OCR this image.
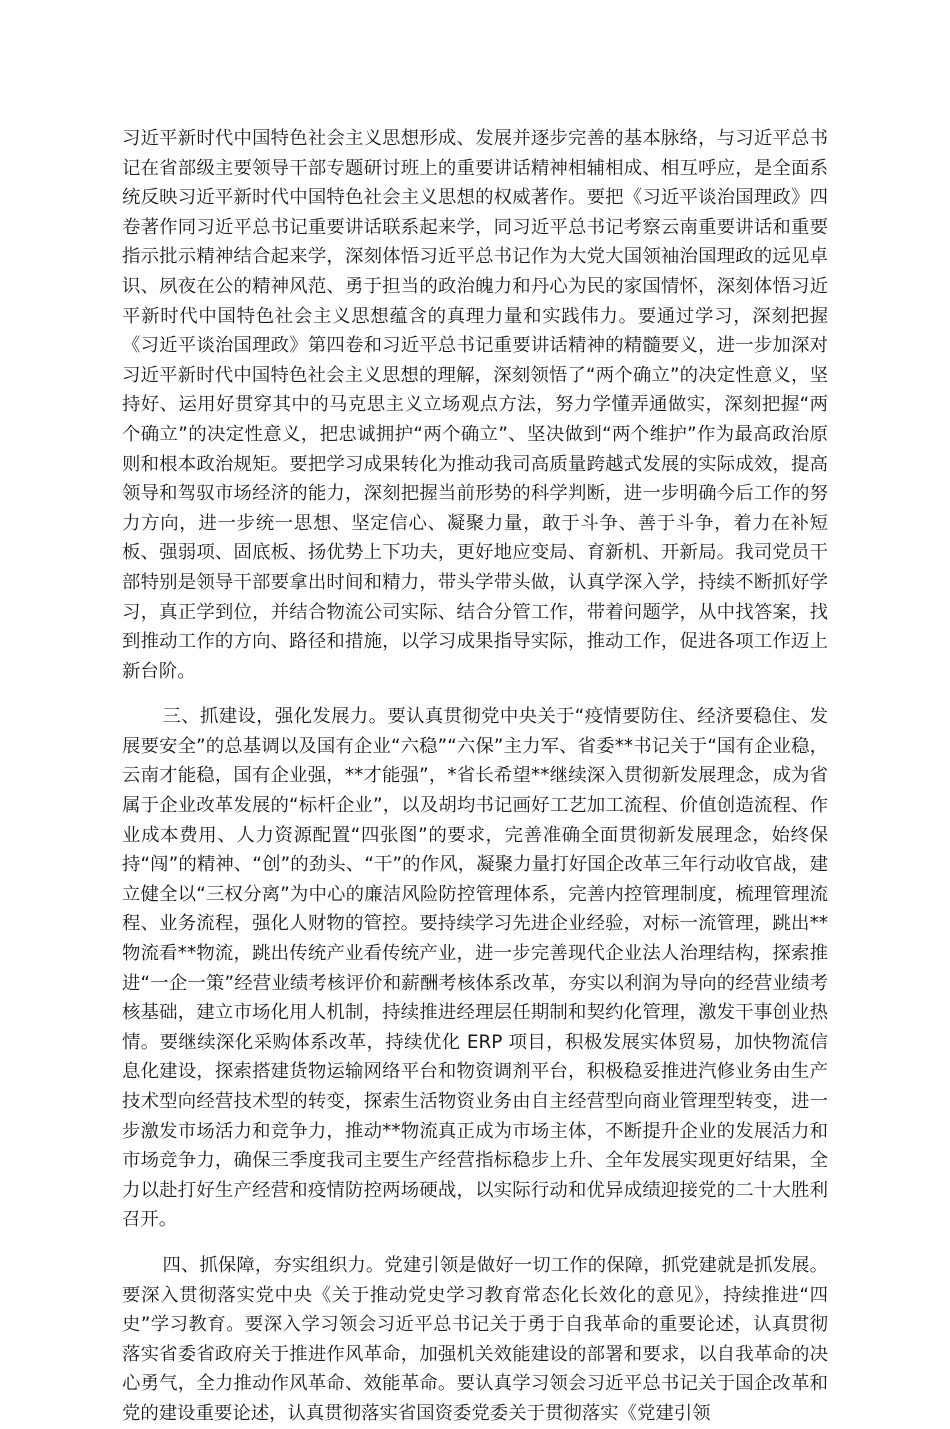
习近平新时代中国特色社会主义思想形成、发展并逐步完善的基本脉络，与习近平总书记在省部级主要领导干部专题研讨班上的重要讲话精神相辅相成、相互呼应，是全面系统反映习近平新时代中国特色社会主义思想的权威著作。要把《习近平谈治国理政》四卷著作同习近平总书记重要讲话联系起来学，同习近平总书记考察云南重要讲话和重要指示批示精神结合起来学，深刻体悟习近平总书记作为大党大国领袖治国理政的远见卓识、夙夜在公的精神风范、勇于担当的政治魄力和丹心为民的家国情怀，深刻体悟习近平新时代中国特色社会主义思想蕴含的真理力量和实践伟力。要通过学习，深刻把握《习近平谈治国理政》第四卷和习近平总书记重要讲话精神的精髓要义，进一步加深对习近平新时代中国特色社会主义思想的理解，深刻领悟了“两个确立”的决定性意义，坚持好、运用好贯穿其中的马克思主义立场观点方法，努力学懂弄通做实，深刻把握“两个确立”的决定性意义，把忠诚拥护“两个确立”、坚决做到“两个维护”作为最高政治原则和根本政治规矩。要把学习成果转化为推动我司高质量跨越式发展的实际成效，提高领导和驾驭市场经济的能力，深刻把握当前形势的科学判断，进一步明确今后工作的努力方向，进一步统一思想、坚定信心、凝聚力量，敢于斗争、善于斗争，着力在补短板、强弱项、固底板、扬优势上下功夫，更好地应变局、育新机、开新局。我司党员干部特别是领导干部要拿出时间和精力，带头学带头做，认真学深入学，持续不断抓好学习，真正学到位，并结合物流公司实际、结合分管工作，带着问题学，从中找答案，找到推动工作的方向、路径和措施，以学习成果指导实际，推动工作，促进各项工作迈上新台阶。

三、抓建设，强化发展力。要认真贯彻党中央关于“疫情要防住、经济要稳住、发展要安全”的总基调以及国有企业“六稳”“六保”主力军、省委**书记关于“国有企业稳，云南才能稳，国有企业强，**才能强”，*省长希望**继续深入贯彻新发展理念，成为省属于企业改革发展的“标杆企业”，以及胡均书记画好工艺加工流程、价值创造流程、作业成本费用、人力资源配置“四张图”的要求，完善准确全面贯彻新发展理念，始终保持“闯”的精神、“创”的劲头、“干”的作风，凝聚力量打好国企改革三年行动收官战，建立健全以“三权分离”为中心的廉洁风险防控管理体系，完善内控管理制度，梳理管理流程、业务流程，强化人财物的管控。要持续学习先进企业经验，对标一流管理，跳出**物流看**物流，跳出传统产业看传统产业，进一步完善现代企业法人治理结构，探索推进“一企一策”经营业绩考核评价和薪酬考核体系改革，夯实以利润为导向的经营业绩考核基础，建立市场化用人机制，持续推进经理层任期制和契约化管理，激发干事创业热情。要继续深化采购体系改革，持续优化 ERP 项目，积极发展实体贸易，加快物流信息化建设，探索搭建货物运输网络平台和物资调剂平台，积极稳妥推进汽修业务由生产技术型向经营技术型的转变，探索生活物资业务由自主经营型向商业管理型转变，进一步激发市场活力和竞争力，推动**物流真正成为市场主体，不断提升企业的发展活力和市场竞争力，确保三季度我司主要生产经营指标稳步上升、全年发展实现更好结果，全力以赴打好生产经营和疫情防控两场硬战，以实际行动和优异成绩迎接党的二十大胜利召开。

四、抓保障，夯实组织力。党建引领是做好一切工作的保障，抓党建就是抓发展。要深入贯彻落实党中央《关于推动党史学习教育常态化长效化的意见》，持续推进“四史”学习教育。要深入学习领会习近平总书记关于勇于自我革命的重要论述，认真贯彻落实省委省政府关于推进作风革命，加强机关效能建设的部署和要求，以自我革命的决心勇气，全力推动作风革命、效能革命。要认真学习领会习近平总书记关于国企改革和党的建设重要论述，认真贯彻落实省国资委党委关于贯彻落实《党建引领
